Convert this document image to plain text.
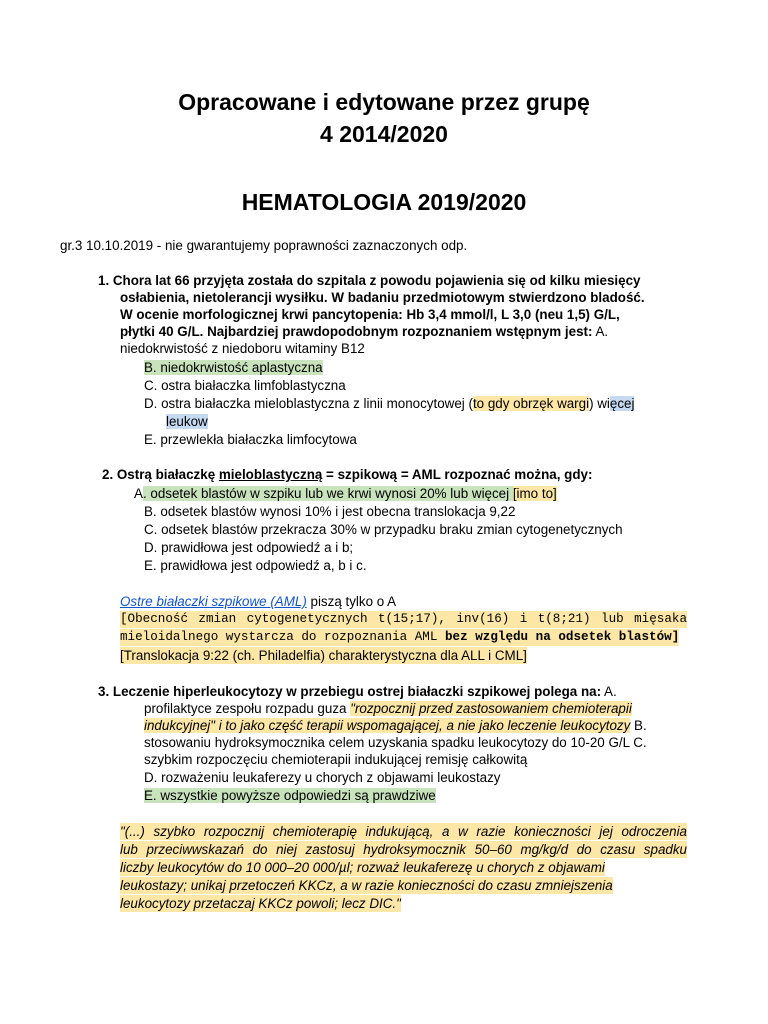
Opracowane i edytowane przez grupę
4 2014/2020
HEMATOLOGIA 2019/2020
gr.3 10.10.2019 - nie gwarantujemy poprawności zaznaczonych odp.
1. Chora lat 66 przyjęta została do szpitala z powodu pojawienia się od kilku miesięcy
osłabienia, nietolerancji wysiłku. W badaniu przedmiotowym stwierdzono bladość.
W ocenie morfologicznej krwi pancytopenia: Hb 3,4 mmol/l, L 3,0 (neu 1,5) G/L,
płytki 40 G/L. Najbardziej prawdopodobnym rozpoznaniem wstępnym jest: A.
niedokrwistość z niedoboru witaminy B12
B. niedokrwistość aplastyczna
C. ostra białaczka limfoblastyczna
D. ostra białaczka mieloblastyczna z linii monocytowej (to gdy obrzęk wargi) więcej
leukow
E. przewlekła białaczka limfocytowa
2. Ostrą białaczkę mieloblastyczną = szpikową = AML rozpoznać można, gdy:
A. odsetek blastów w szpiku lub we krwi wynosi 20% lub więcej [imo to]
B. odsetek blastów wynosi 10% i jest obecna translokacja 9,22
C. odsetek blastów przekracza 30% w przypadku braku zmian cytogenetycznych
D. prawidłowa jest odpowiedź a i b;
E. prawidłowa jest odpowiedź a, b i c.
Ostre białaczki szpikowe (AML) piszą tylko o A
[Obecność zmian cytogenetycznych t(15;17), inv(16) i t(8;21) lub mięsaka
mieloidalnego wystarcza do rozpoznania AML bez względu na odsetek blastów]
[Translokacja 9:22 (ch. Philadelfia) charakterystyczna dla ALL i CML]
3. Leczenie hiperleukocytozy w przebiegu ostrej białaczki szpikowej polega na: A.
profilaktyce zespołu rozpadu guza "rozpocznij przed zastosowaniem chemioterapii
indukcyjnej" i to jako część terapii wspomagającej, a nie jako leczenie leukocytozy B.
stosowaniu hydroksymocznika celem uzyskania spadku leukocytozy do 10-20 G/L C.
szybkim rozpoczęciu chemioterapii indukującej remisję całkowitą
D. rozważeniu leukaferezy u chorych z objawami leukostazy
E. wszystkie powyższe odpowiedzi są prawdziwe
"(...) szybko rozpocznij chemioterapię indukującą, a w razie konieczności jej odroczenia
lub przeciwwskazań do niej zastosuj hydroksymocznik 50–60 mg/kg/d do czasu spadku
liczby leukocytów do 10 000–20 000/µl; rozważ leukaferezę u chorych z objawami
leukostazy; unikaj przetoczeń KKCz, a w razie konieczności do czasu zmniejszenia
leukocytozy przetaczaj KKCz powoli; lecz DIC."
